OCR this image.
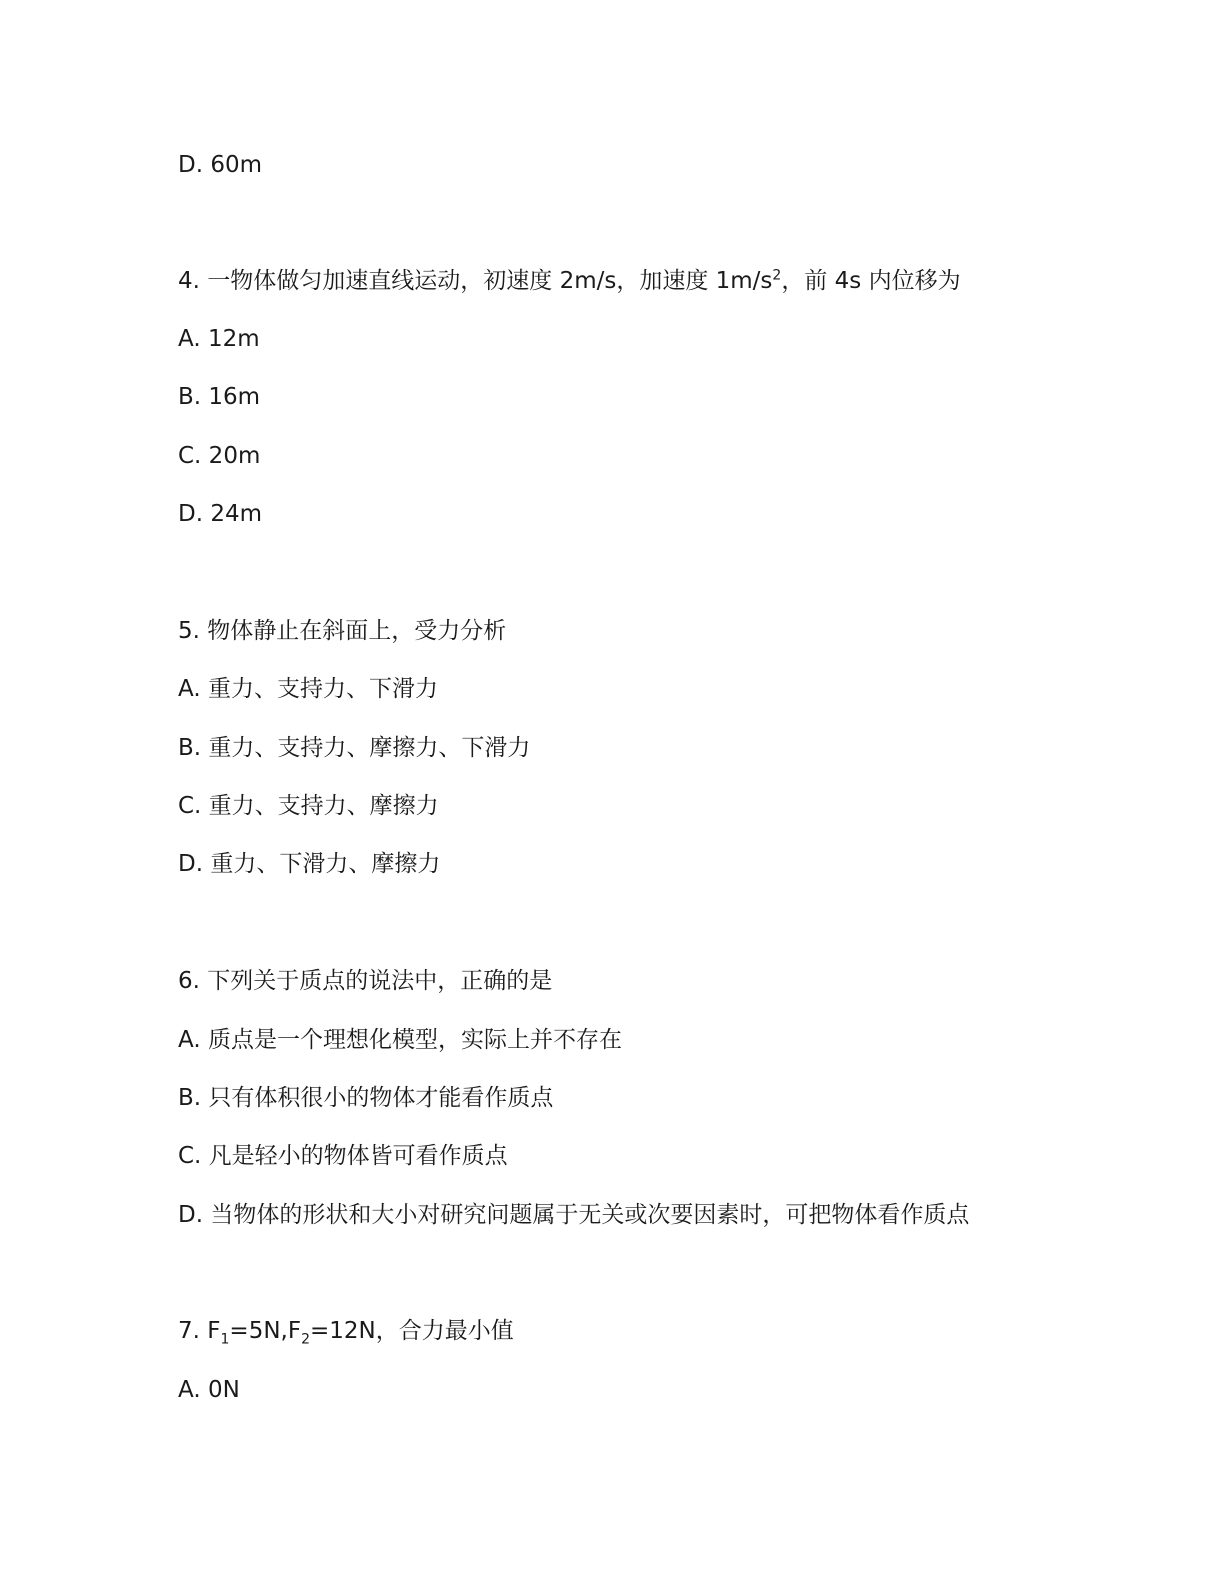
D. 60m
4. 一物体做匀加速直线运动，初速度 2m/s，加速度 $1m/s^2$，前 4s 内位移为
A. 12m
B. 16m
C. 20m
D. 24m
5. 物体静止在斜面上，受力分析
A. 重力、支持力、下滑力
B. 重力、支持力、摩擦力、下滑力
C. 重力、支持力、摩擦力
D. 重力、下滑力、摩擦力
6. 下列关于质点的说法中，正确的是
A. 质点是一个理想化模型，实际上并不存在
B. 只有体积很小的物体才能看作质点
C. 凡是轻小的物体皆可看作质点
D. 当物体的形状和大小对研究问题属于无关或次要因素时，可把物体看作质点
7. $F_1=5N,F_2=12N$，合力最小值
A. 0N
